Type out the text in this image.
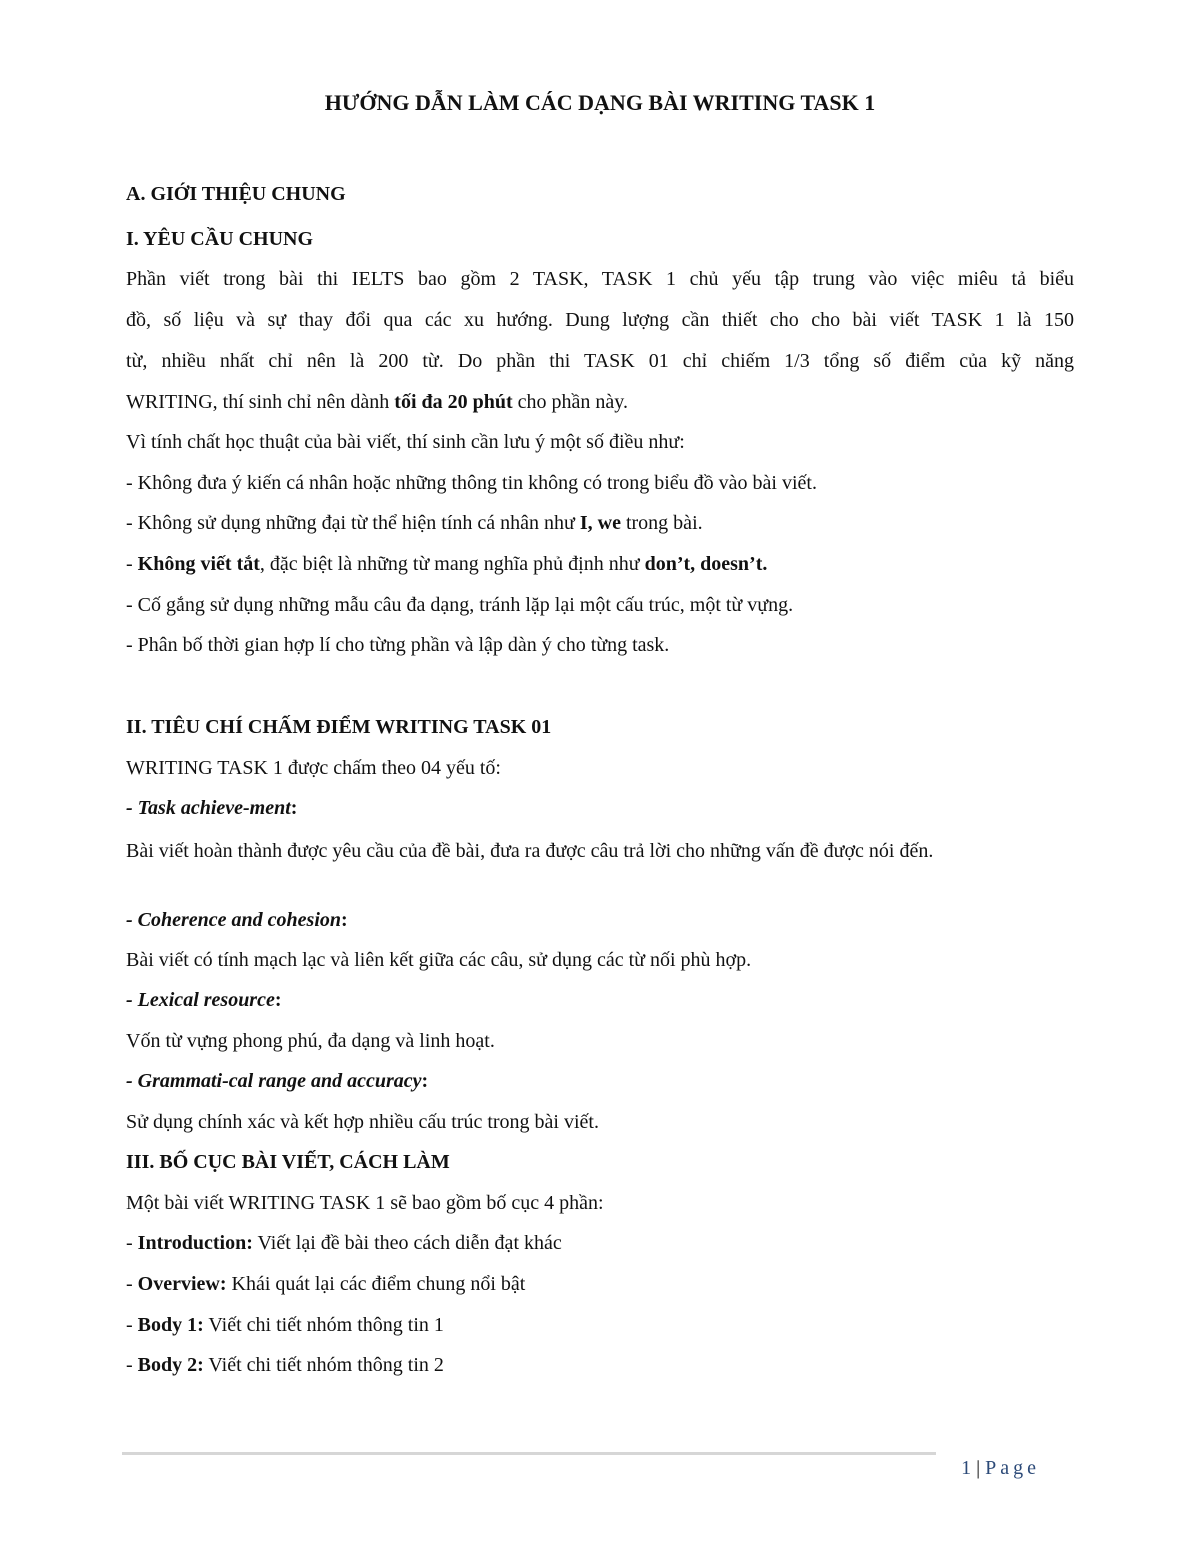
HƯỚNG DẪN LÀM CÁC DẠNG BÀI WRITING TASK 1
A. GIỚI THIỆU CHUNG
I. YÊU CẦU CHUNG
Phần viết trong bài thi IELTS bao gồm 2 TASK, TASK 1 chủ yếu tập trung vào việc miêu tả biểu
đồ, số liệu và sự thay đổi qua các xu hướng. Dung lượng cần thiết cho cho bài viết TASK 1 là 150
từ, nhiều nhất chỉ nên là 200 từ. Do phần thi TASK 01 chỉ chiếm 1/3 tổng số điểm của kỹ năng
WRITING, thí sinh chỉ nên dành tối đa 20 phút cho phần này.
Vì tính chất học thuật của bài viết, thí sinh cần lưu ý một số điều như:
- Không đưa ý kiến cá nhân hoặc những thông tin không có trong biểu đồ vào bài viết.
- Không sử dụng những đại từ thể hiện tính cá nhân như I, we trong bài.
- Không viết tắt, đặc biệt là những từ mang nghĩa phủ định như don’t, doesn’t.
- Cố gắng sử dụng những mẫu câu đa dạng, tránh lặp lại một cấu trúc, một từ vựng.
- Phân bố thời gian hợp lí cho từng phần và lập dàn ý cho từng task.
II. TIÊU CHÍ CHẤM ĐIỂM WRITING TASK 01
WRITING TASK 1 được chấm theo 04 yếu tố:
- Task achieve-ment:
Bài viết hoàn thành được yêu cầu của đề bài, đưa ra được câu trả lời cho những vấn đề được nói đến.
- Coherence and cohesion:
Bài viết có tính mạch lạc và liên kết giữa các câu, sử dụng các từ nối phù hợp.
- Lexical resource:
Vốn từ vựng phong phú, đa dạng và linh hoạt.
- Grammati-cal range and accuracy:
Sử dụng chính xác và kết hợp nhiều cấu trúc trong bài viết.
III. BỐ CỤC BÀI VIẾT, CÁCH LÀM
Một bài viết WRITING TASK 1 sẽ bao gồm bố cục 4 phần:
- Introduction: Viết lại đề bài theo cách diễn đạt khác
- Overview: Khái quát lại các điểm chung nổi bật
- Body 1: Viết chi tiết nhóm thông tin 1
- Body 2: Viết chi tiết nhóm thông tin 2
1 | Page
